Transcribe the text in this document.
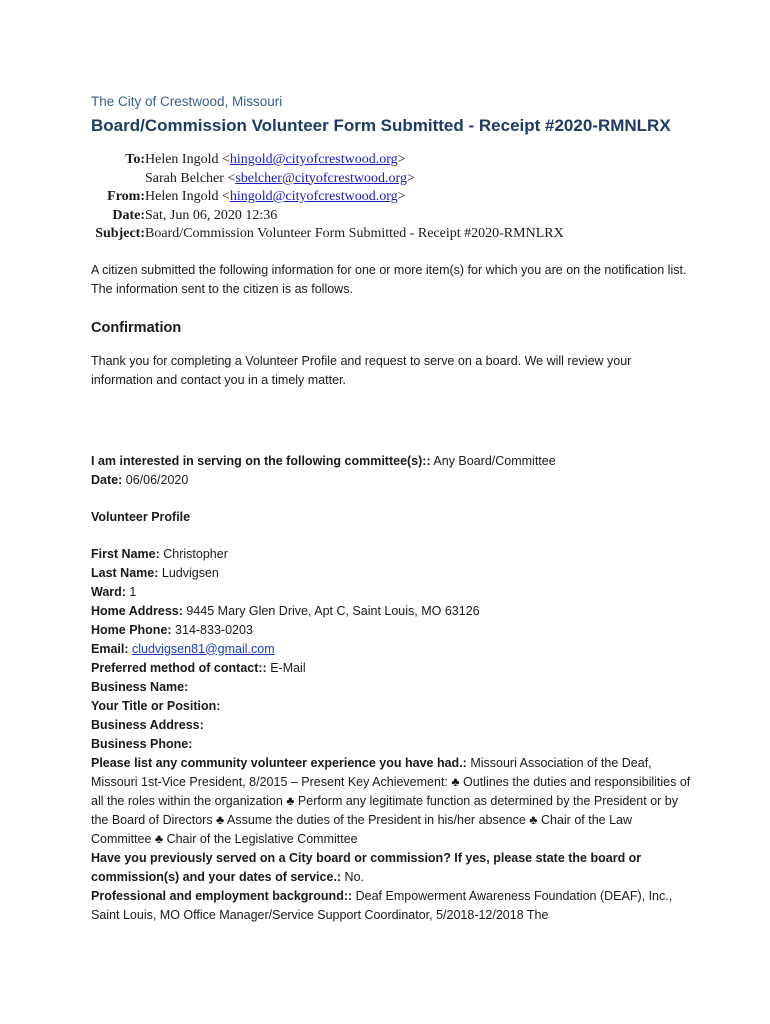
The City of Crestwood, Missouri
Board/Commission Volunteer Form Submitted - Receipt #2020-RMNLRX
To: Helen Ingold <hingold@cityofcrestwood.org>
Sarah Belcher <sbelcher@cityofcrestwood.org>
From: Helen Ingold <hingold@cityofcrestwood.org>
Date: Sat, Jun 06, 2020 12:36
Subject: Board/Commission Volunteer Form Submitted - Receipt #2020-RMNLRX

A citizen submitted the following information for one or more item(s) for which you are on the notification list. The information sent to the citizen is as follows.

Confirmation

Thank you for completing a Volunteer Profile and request to serve on a board. We will review your information and contact you in a timely matter.

I am interested in serving on the following committee(s):: Any Board/Committee
Date: 06/06/2020
Volunteer Profile
First Name: Christopher
Last Name: Ludvigsen
Ward: 1
Home Address: 9445 Mary Glen Drive, Apt C, Saint Louis, MO 63126
Home Phone: 314-833-0203
Email: cludvigsen81@gmail.com
Preferred method of contact:: E-Mail
Business Name:
Your Title or Position:
Business Address:
Business Phone:
Please list any community volunteer experience you have had.: Missouri Association of the Deaf, Missouri 1st-Vice President, 8/2015 – Present Key Achievement: ♣ Outlines the duties and responsibilities of all the roles within the organization ♣ Perform any legitimate function as determined by the President or by the Board of Directors ♣ Assume the duties of the President in his/her absence ♣ Chair of the Law Committee ♣ Chair of the Legislative Committee
Have you previously served on a City board or commission? If yes, please state the board or commission(s) and your dates of service.: No.
Professional and employment background:: Deaf Empowerment Awareness Foundation (DEAF), Inc., Saint Louis, MO Office Manager/Service Support Coordinator, 5/2018-12/2018 The
